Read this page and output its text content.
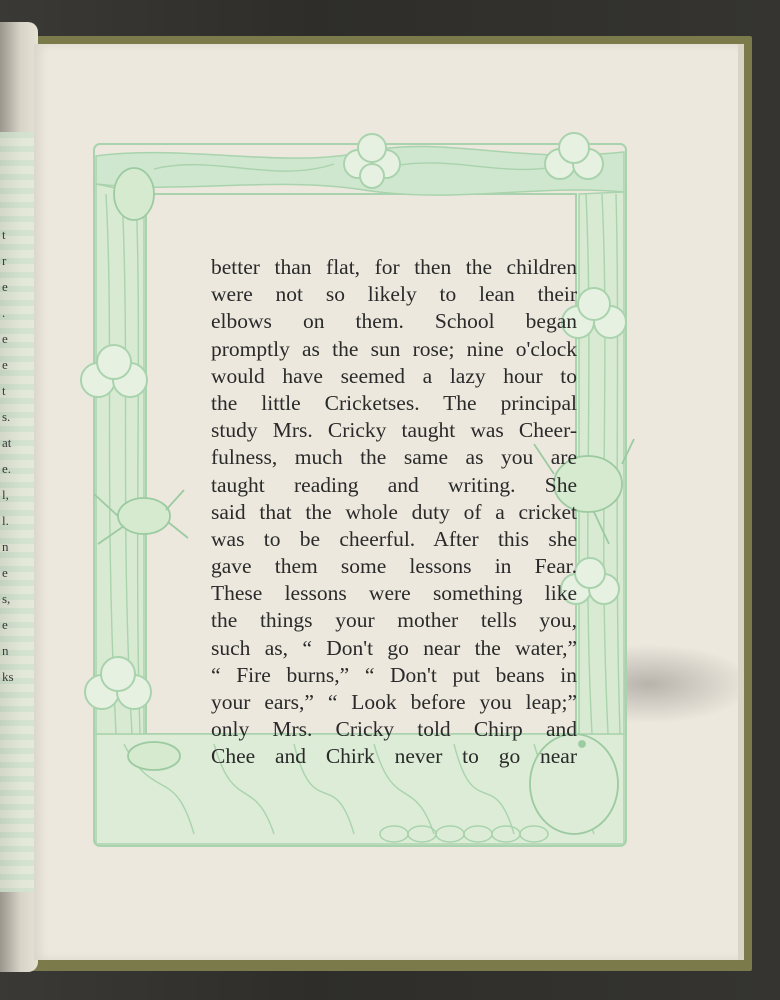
t
r
e
.
e
e
t
s.
at
e.
l,
l.
n
e
s,
e
n
ks
better than flat, for then the children
were not so likely to lean their
elbows on them. School began
promptly as the sun rose; nine o'clock
would have seemed a lazy hour to
the little Cricketses. The principal
study Mrs. Cricky taught was Cheer-
fulness, much the same as you are
taught reading and writing. She
said that the whole duty of a cricket
was to be cheerful. After this she
gave them some lessons in Fear.
These lessons were something like
the things your mother tells you,
such as, “ Don't go near the water,”
“ Fire burns,” “ Don't put beans in
your ears,” “ Look before you leap;”
only Mrs. Cricky told Chirp and
Chee and Chirk never to go near
